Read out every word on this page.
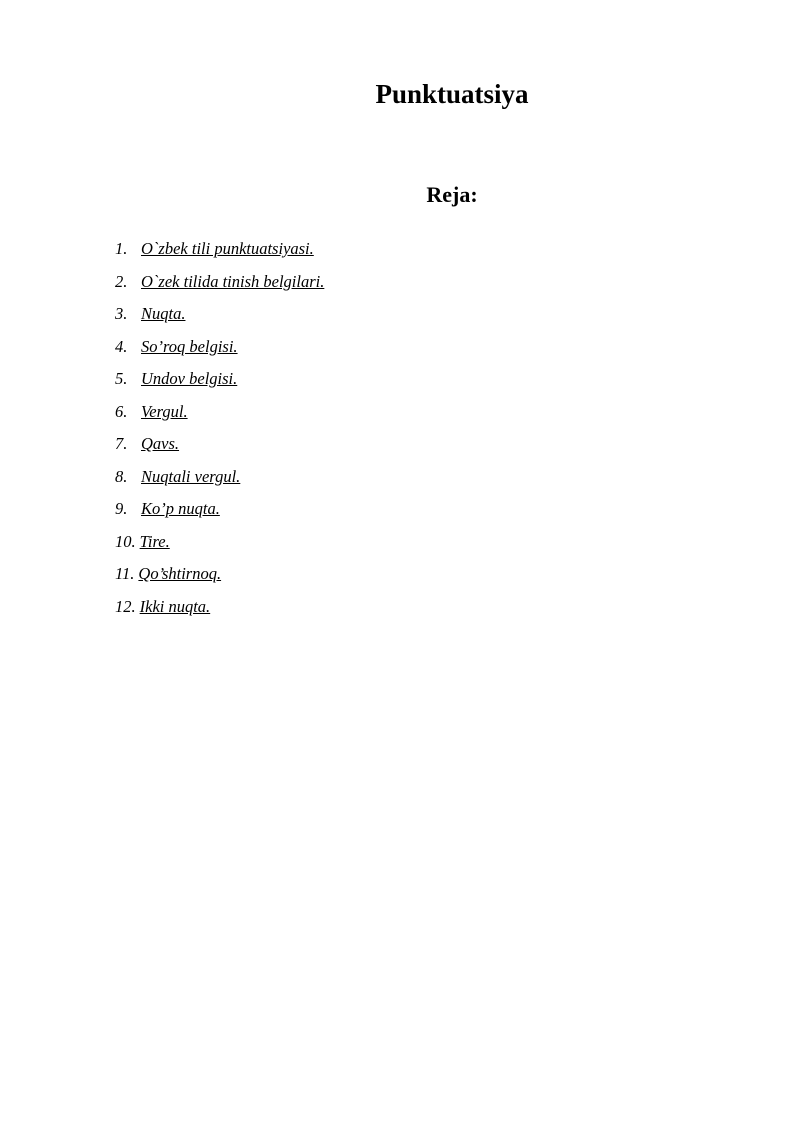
Punktuatsiya
Reja:
1. O`zbek tili punktuatsiyasi.
2. O`zek tilida tinish belgilari.
3. Nuqta.
4. So’roq belgisi.
5. Undov belgisi.
6. Vergul.
7. Qavs.
8. Nuqtali vergul.
9. Ko’p nuqta.
10. Tire.
11. Qo’shtirnoq.
12. Ikki nuqta.
